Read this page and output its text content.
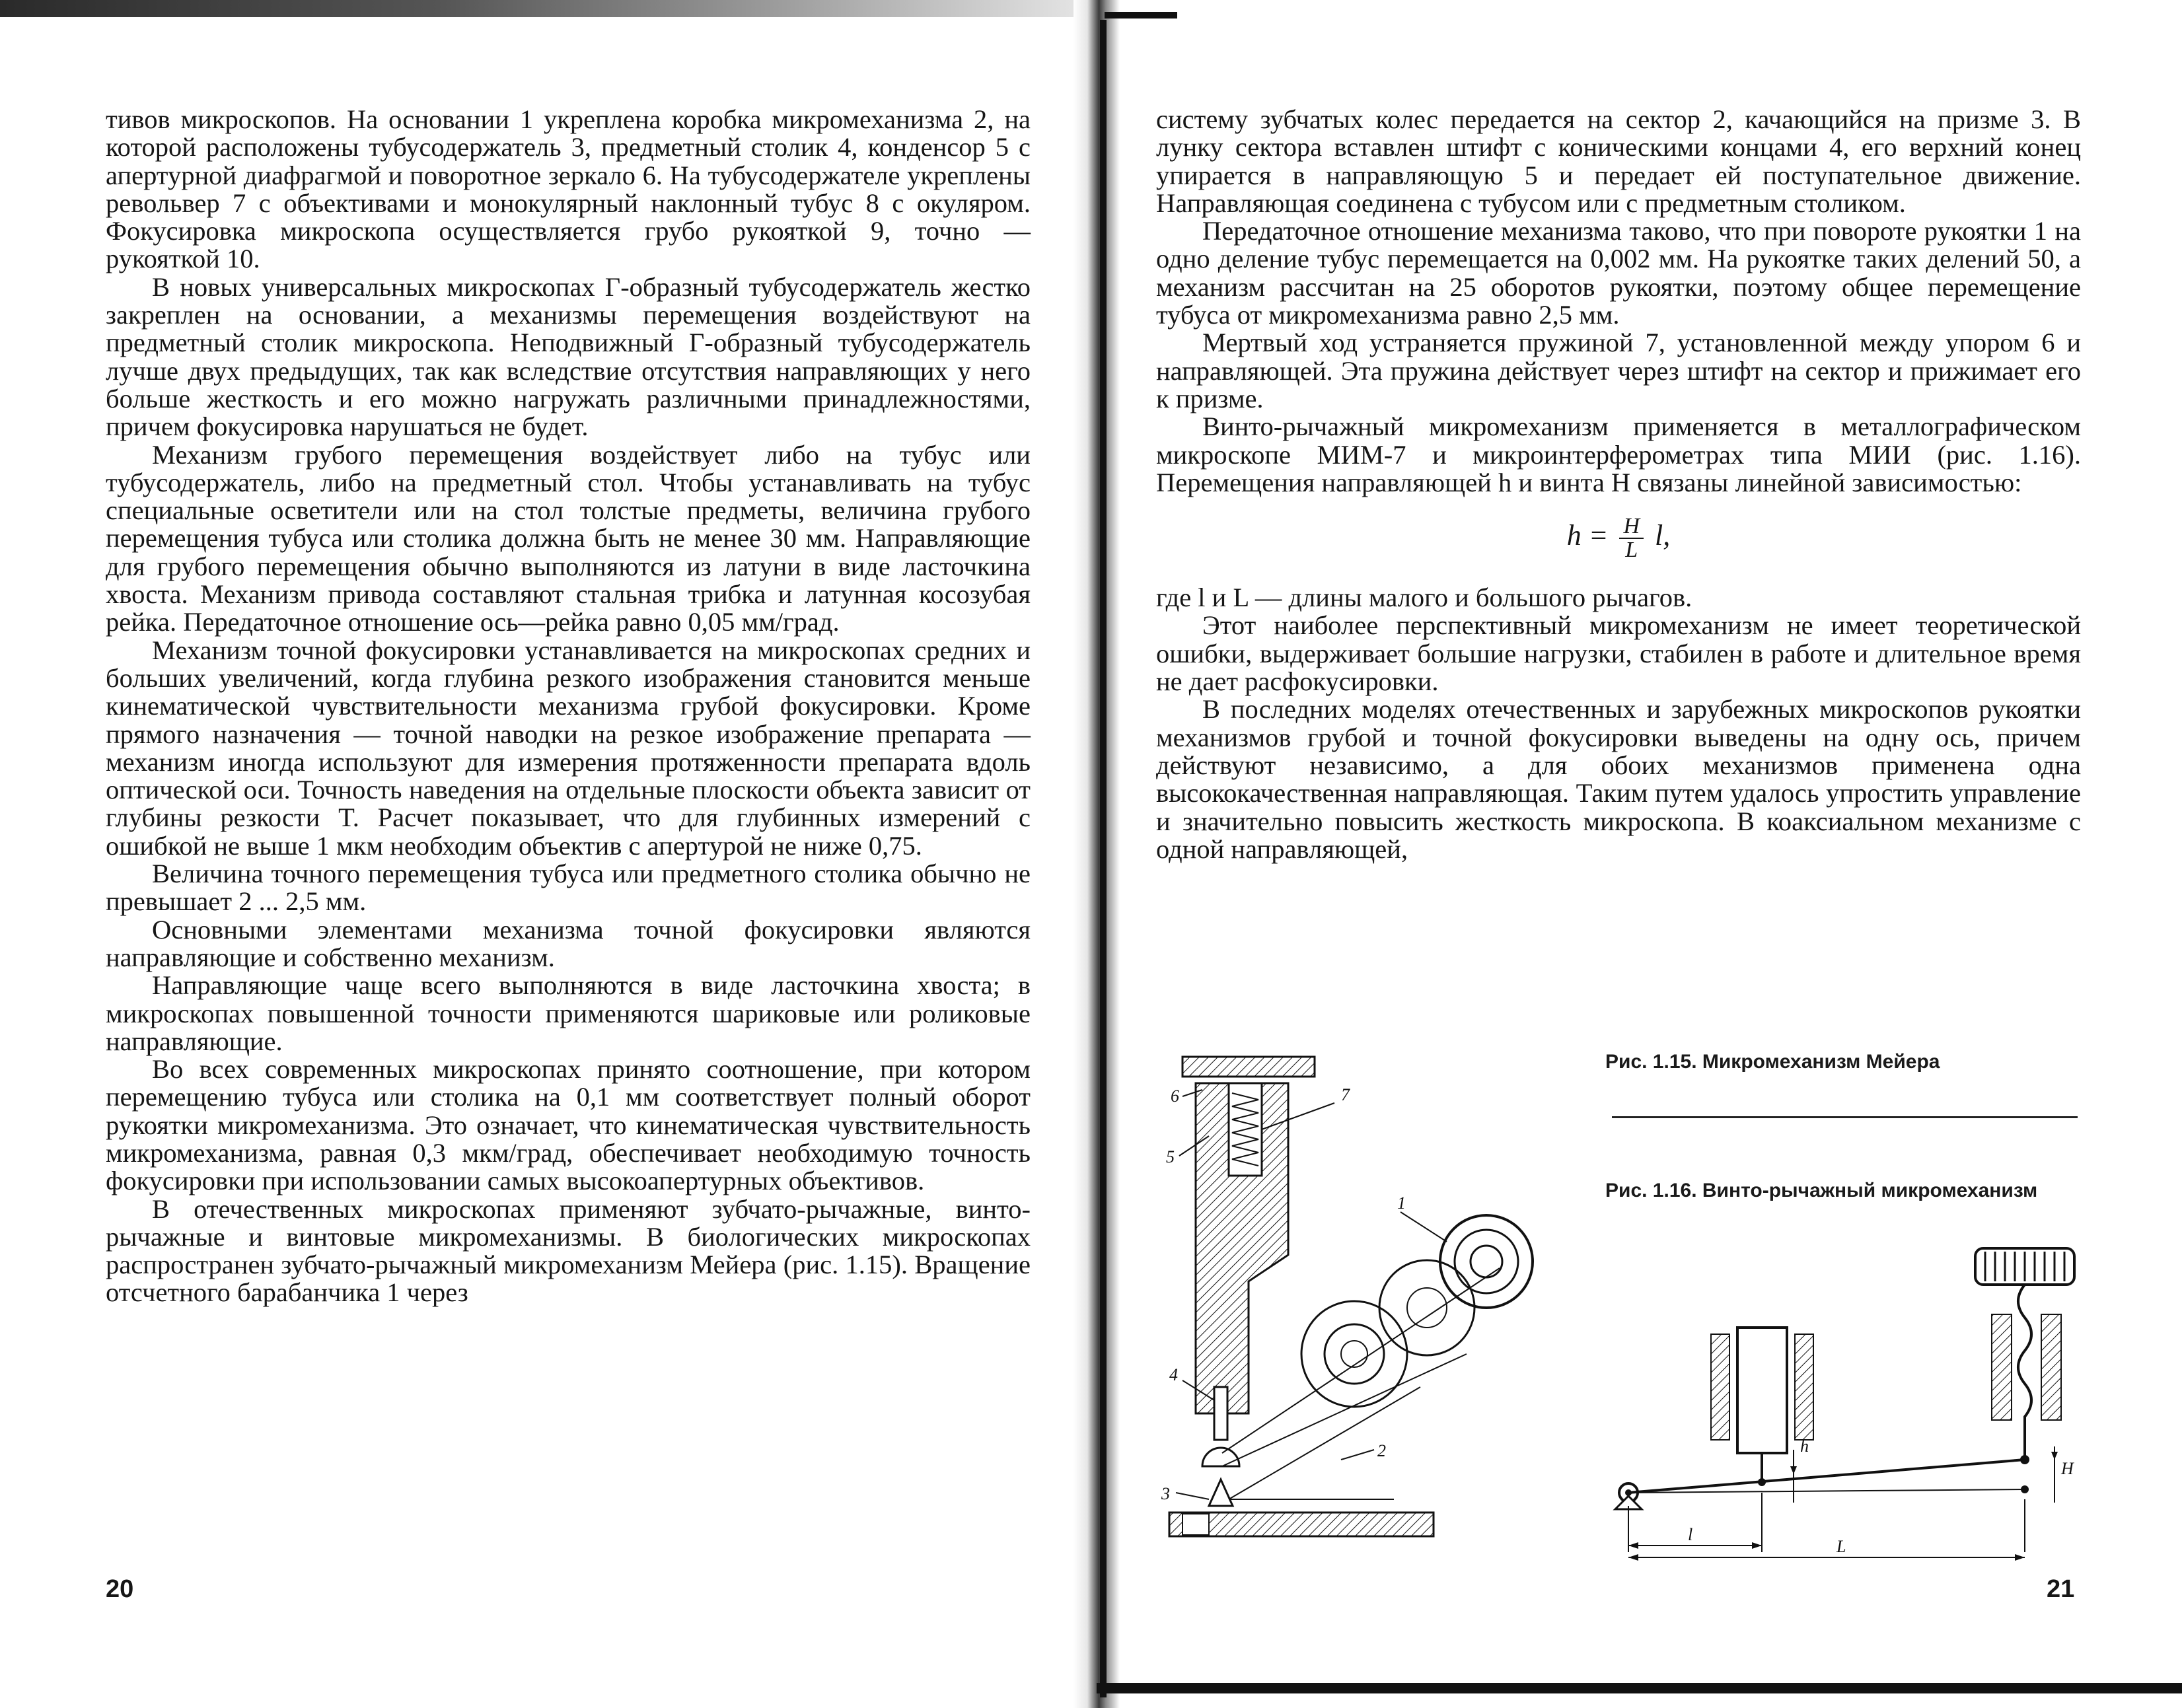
тивов микроскопов. На основании 1 укреплена коробка микромеханизма 2, на которой расположены тубусодержатель 3, предметный столик 4, конденсор 5 с апертурной диафрагмой и поворотное зеркало 6. На тубусодержателе укреплены револьвер 7 с объективами и монокулярный наклонный тубус 8 с окуляром. Фокусировка микроскопа осуществляется грубо рукояткой 9, точно — рукояткой 10.

В новых универсальных микроскопах Г-образный тубусодержатель жестко закреплен на основании, а механизмы перемещения воздействуют на предметный столик микроскопа. Неподвижный Г-образный тубусодержатель лучше двух предыдущих, так как вследствие отсутствия направляющих у него больше жесткость и его можно нагружать различными принадлежностями, причем фокусировка нарушаться не будет.

Механизм грубого перемещения воздействует либо на тубус или тубусодержатель, либо на предметный стол. Чтобы устанавливать на тубус специальные осветители или на стол толстые предметы, величина грубого перемещения тубуса или столика должна быть не менее 30 мм. Направляющие для грубого перемещения обычно выполняются из латуни в виде ласточкина хвоста. Механизм привода составляют стальная трибка и латунная косозубая рейка. Передаточное отношение ось—рейка равно 0,05 мм/град.

Механизм точной фокусировки устанавливается на микроскопах средних и больших увеличений, когда глубина резкого изображения становится меньше кинематической чувствительности механизма грубой фокусировки. Кроме прямого назначения — точной наводки на резкое изображение препарата — механизм иногда используют для измерения протяженности препарата вдоль оптической оси. Точность наведения на отдельные плоскости объекта зависит от глубины резкости T. Расчет показывает, что для глубинных измерений с ошибкой не выше 1 мкм необходим объектив с апертурой не ниже 0,75.

Величина точного перемещения тубуса или предметного столика обычно не превышает 2 ... 2,5 мм.

Основными элементами механизма точной фокусировки являются направляющие и собственно механизм.

Направляющие чаще всего выполняются в виде ласточкина хвоста; в микроскопах повышенной точности применяются шариковые или роликовые направляющие.

Во всех современных микроскопах принято соотношение, при котором перемещению тубуса или столика на 0,1 мм соответствует полный оборот рукоятки микромеханизма. Это означает, что кинематическая чувствительность микромеханизма, равная 0,3 мкм/град, обеспечивает необходимую точность фокусировки при использовании самых высокоапертурных объективов.

В отечественных микроскопах применяют зубчато-рычажные, винто-рычажные и винтовые микромеханизмы. В биологических микроскопах распространен зубчато-рычажный микромеханизм Мейера (рис. 1.15). Вращение отсчетного барабанчика 1 через

20

систему зубчатых колес передается на сектор 2, качающийся на призме 3. В лунку сектора вставлен штифт с коническими концами 4, его верхний конец упирается в направляющую 5 и передает ей поступательное движение. Направляющая соединена с тубусом или с предметным столиком.

Передаточное отношение механизма таково, что при повороте рукоятки 1 на одно деление тубус перемещается на 0,002 мм. На рукоятке таких делений 50, а механизм рассчитан на 25 оборотов рукоятки, поэтому общее перемещение тубуса от микромеханизма равно 2,5 мм.

Мертвый ход устраняется пружиной 7, установленной между упором 6 и направляющей. Эта пружина действует через штифт на сектор и прижимает его к призме.

Винто-рычажный микромеханизм применяется в металлографическом микроскопе МИМ-7 и микроинтерферометрах типа МИИ (рис. 1.16). Перемещения направляющей h и винта H связаны линейной зависимостью:

$h = \frac{H}{L} l$,

где l и L — длины малого и большого рычагов.

Этот наиболее перспективный микромеханизм не имеет теоретической ошибки, выдерживает большие нагрузки, стабилен в работе и длительное время не дает расфокусировки.

В последних моделях отечественных и зарубежных микроскопов рукоятки механизмов грубой и точной фокусировки выведены на одну ось, причем действуют независимо, а для обоих механизмов применена одна высококачественная направляющая. Таким путем удалось упростить управление и значительно повысить жесткость микроскопа. В коаксиальном механизме с одной направляющей,

6	7
5
1
4
2
3
Рис. 1.15. Микромеханизм Мейера
Рис. 1.16. Винто-рычажный микромеханизм
h
H
l
L
21
